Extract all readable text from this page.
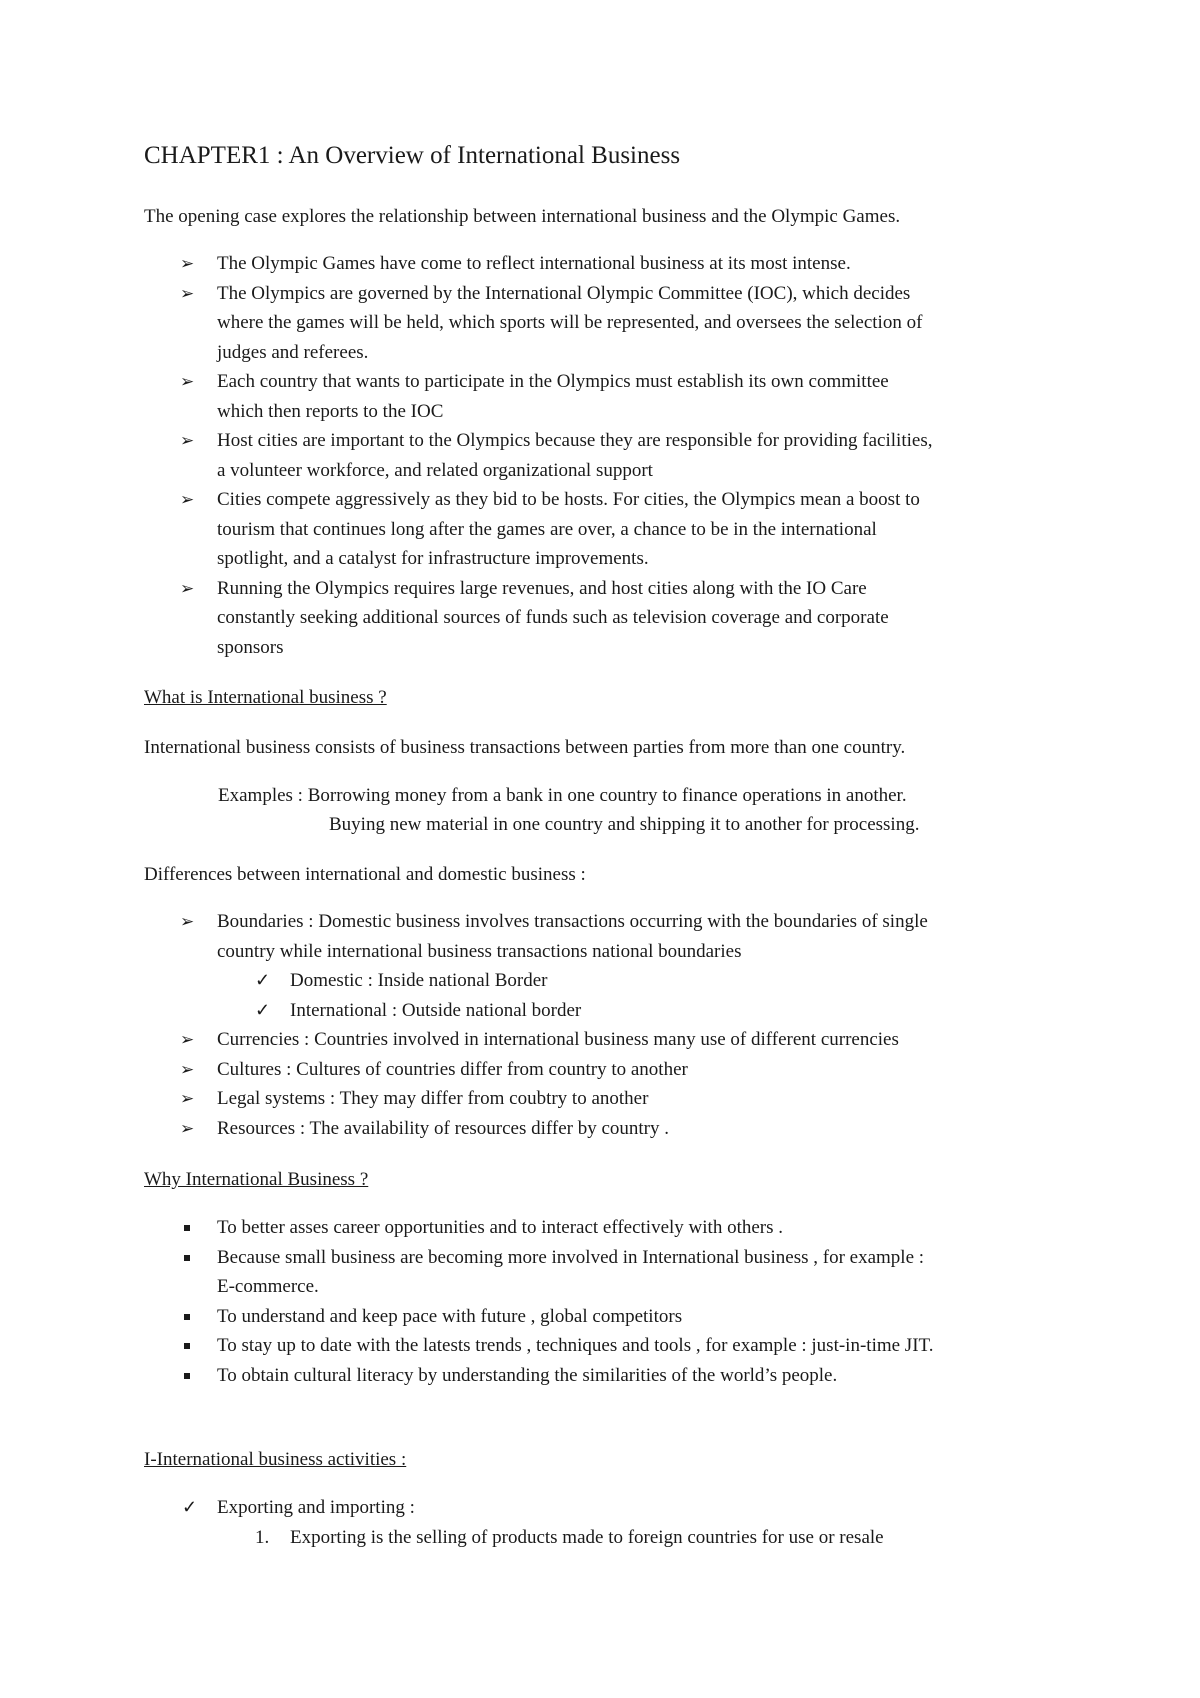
CHAPTER1 : An Overview of International Business
The opening case explores the relationship between international business and the Olympic Games.
➢ The Olympic Games have come to reflect international business at its most intense.
➢ The Olympics are governed by the International Olympic Committee (IOC), which decides
where the games will be held, which sports will be represented, and oversees the selection of
judges and referees.
➢ Each country that wants to participate in the Olympics must establish its own committee
which then reports to the IOC
➢ Host cities are important to the Olympics because they are responsible for providing facilities,
a volunteer workforce, and related organizational support
➢ Cities compete aggressively as they bid to be hosts. For cities, the Olympics mean a boost to
tourism that continues long after the games are over, a chance to be in the international
spotlight, and a catalyst for infrastructure improvements.
➢ Running the Olympics requires large revenues, and host cities along with the IO Care
constantly seeking additional sources of funds such as television coverage and corporate
sponsors
What is International business ?
International business consists of business transactions between parties from more than one country.
Examples : Borrowing money from a bank in one country to finance operations in another.
Buying new material in one country and shipping it to another for processing.
Differences between international and domestic business :
➢ Boundaries : Domestic business involves transactions occurring with the boundaries of single
country while international business transactions national boundaries
✓ Domestic : Inside national Border
✓ International : Outside national border
➢ Currencies : Countries involved in international business many use of different currencies
➢ Cultures : Cultures of countries differ from country to another
➢ Legal systems : They may differ from coubtry to another
➢ Resources : The availability of resources differ by country .
Why International Business ?
To better asses career opportunities and to interact effectively with others .
Because small business are becoming more involved in International business , for example :
E-commerce.
To understand and keep pace with future , global competitors
To stay up to date with the latests trends , techniques and tools , for example : just-in-time JIT.
To obtain cultural literacy by understanding the similarities of the world’s people.
I-International business activities :
✓ Exporting and importing :
1. Exporting is the selling of products made to foreign countries for use or resale
